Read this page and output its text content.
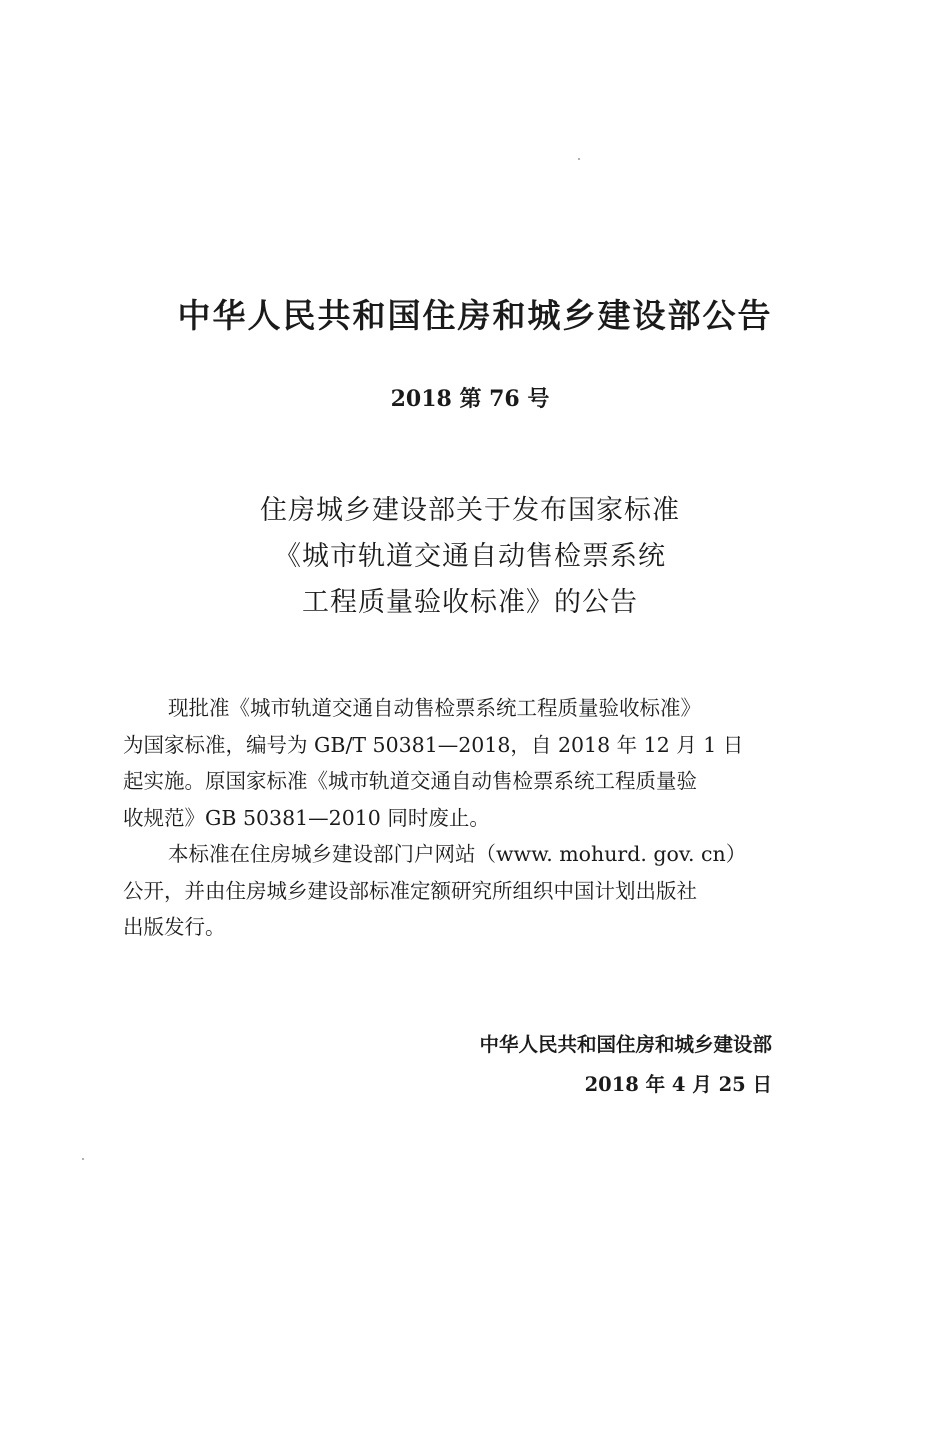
中华人民共和国住房和城乡建设部公告
2018 第 76 号
住房城乡建设部关于发布国家标准
《城市轨道交通自动售检票系统
工程质量验收标准》的公告
现批准《城市轨道交通自动售检票系统工程质量验收标准》
为国家标准，编号为 GB/T 50381—2018，自 2018 年 12 月 1 日
起实施。原国家标准《城市轨道交通自动售检票系统工程质量验
收规范》GB 50381—2010 同时废止。
本标准在住房城乡建设部门户网站（www. mohurd. gov. cn）
公开，并由住房城乡建设部标准定额研究所组织中国计划出版社
出版发行。
中华人民共和国住房和城乡建设部
2018 年 4 月 25 日
